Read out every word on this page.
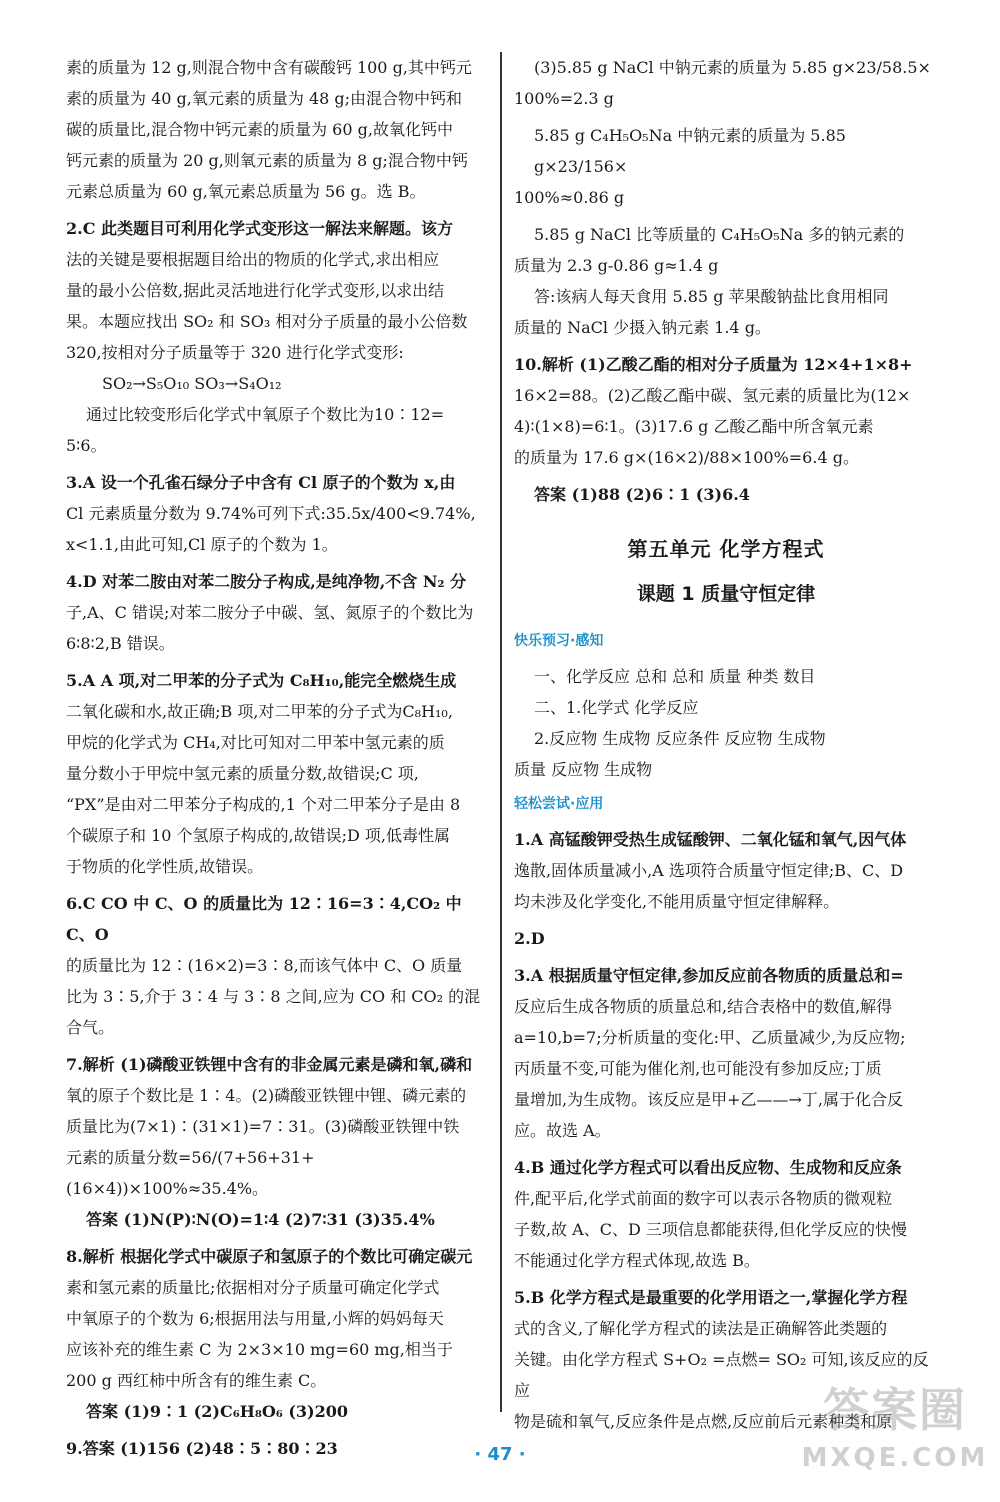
素的质量为 12 g,则混合物中含有碳酸钙 100 g,其中钙元

素的质量为 40 g,氧元素的质量为 48 g;由混合物中钙和

碳的质量比,混合物中钙元素的质量为 60 g,故氧化钙中

钙元素的质量为 20 g,则氧元素的质量为 8 g;混合物中钙

元素总质量为 60 g,氧元素总质量为 56 g。选 B。

2.C 此类题目可利用化学式变形这一解法来解题。该方

法的关键是要根据题目给出的物质的化学式,求出相应

量的最小公倍数,据此灵活地进行化学式变形,以求出结

果。本题应找出 SO₂ 和 SO₃ 相对分子质量的最小公倍数

320,按相对分子质量等于 320 进行化学式变形:

SO₂→S₅O₁₀ SO₃→S₄O₁₂

通过比较变形后化学式中氧原子个数比为10∶12=

5∶6。

3.A 设一个孔雀石绿分子中含有 Cl 原子的个数为 x,由

Cl 元素质量分数为 9.74%可列下式:35.5x/400<9.74%,

x<1.1,由此可知,Cl 原子的个数为 1。

4.D 对苯二胺由对苯二胺分子构成,是纯净物,不含 N₂ 分

子,A、C 错误;对苯二胺分子中碳、氢、氮原子的个数比为

6∶8∶2,B 错误。

5.A A 项,对二甲苯的分子式为 C₈H₁₀,能完全燃烧生成

二氧化碳和水,故正确;B 项,对二甲苯的分子式为C₈H₁₀,

甲烷的化学式为 CH₄,对比可知对二甲苯中氢元素的质

量分数小于甲烷中氢元素的质量分数,故错误;C 项,

“PX”是由对二甲苯分子构成的,1 个对二甲苯分子是由 8

个碳原子和 10 个氢原子构成的,故错误;D 项,低毒性属

于物质的化学性质,故错误。

6.C CO 中 C、O 的质量比为 12∶16=3∶4,CO₂ 中 C、O

的质量比为 12∶(16×2)=3∶8,而该气体中 C、O 质量

比为 3∶5,介于 3∶4 与 3∶8 之间,应为 CO 和 CO₂ 的混

合气。

7.解析 (1)磷酸亚铁锂中含有的非金属元素是磷和氧,磷和

氧的原子个数比是 1∶4。(2)磷酸亚铁锂中锂、磷元素的

质量比为(7×1)∶(31×1)=7∶31。(3)磷酸亚铁锂中铁

元素的质量分数=56/(7+56+31+(16×4))×100%≈35.4%。

答案 (1)N(P)∶N(O)=1∶4 (2)7∶31 (3)35.4%

8.解析 根据化学式中碳原子和氢原子的个数比可确定碳元

素和氢元素的质量比;依据相对分子质量可确定化学式

中氧原子的个数为 6;根据用法与用量,小辉的妈妈每天

应该补充的维生素 C 为 2×3×10 mg=60 mg,相当于

200 g 西红柿中所含有的维生素 C。

答案 (1)9∶1 (2)C₆H₈O₆ (3)200

9.答案 (1)156 (2)48∶5∶80∶23

(3)5.85 g NaCl 中钠元素的质量为 5.85 g×23/58.5×

100%=2.3 g

5.85 g C₄H₅O₅Na 中钠元素的质量为 5.85 g×23/156×

100%≈0.86 g

5.85 g NaCl 比等质量的 C₄H₅O₅Na 多的钠元素的

质量为 2.3 g-0.86 g≈1.4 g

答:该病人每天食用 5.85 g 苹果酸钠盐比食用相同

质量的 NaCl 少摄入钠元素 1.4 g。

10.解析 (1)乙酸乙酯的相对分子质量为 12×4+1×8+

16×2=88。(2)乙酸乙酯中碳、氢元素的质量比为(12×

4)∶(1×8)=6∶1。(3)17.6 g 乙酸乙酯中所含氧元素

的质量为 17.6 g×(16×2)/88×100%=6.4 g。

答案 (1)88 (2)6∶1 (3)6.4

第五单元 化学方程式
课题 1 质量守恒定律
快乐预习·感知

一、化学反应 总和 总和 质量 种类 数目

二、1.化学式 化学反应

2.反应物 生成物 反应条件 反应物 生成物

质量 反应物 生成物

轻松尝试·应用

1.A 高锰酸钾受热生成锰酸钾、二氧化锰和氧气,因气体

逸散,固体质量减小,A 选项符合质量守恒定律;B、C、D

均未涉及化学变化,不能用质量守恒定律解释。

2.D

3.A 根据质量守恒定律,参加反应前各物质的质量总和=

反应后生成各物质的质量总和,结合表格中的数值,解得

a=10,b=7;分析质量的变化:甲、乙质量减少,为反应物;

丙质量不变,可能为催化剂,也可能没有参加反应;丁质

量增加,为生成物。该反应是甲+乙——→丁,属于化合反

应。故选 A。

4.B 通过化学方程式可以看出反应物、生成物和反应条

件,配平后,化学式前面的数字可以表示各物质的微观粒

子数,故 A、C、D 三项信息都能获得,但化学反应的快慢

不能通过化学方程式体现,故选 B。

5.B 化学方程式是最重要的化学用语之一,掌握化学方程

式的含义,了解化学方程式的读法是正确解答此类题的

关键。由化学方程式 S+O₂ =点燃= SO₂ 可知,该反应的反应

物是硫和氧气,反应条件是点燃,反应前后元素种类和原

· 47 ·
答案圈
MXQE.COM
